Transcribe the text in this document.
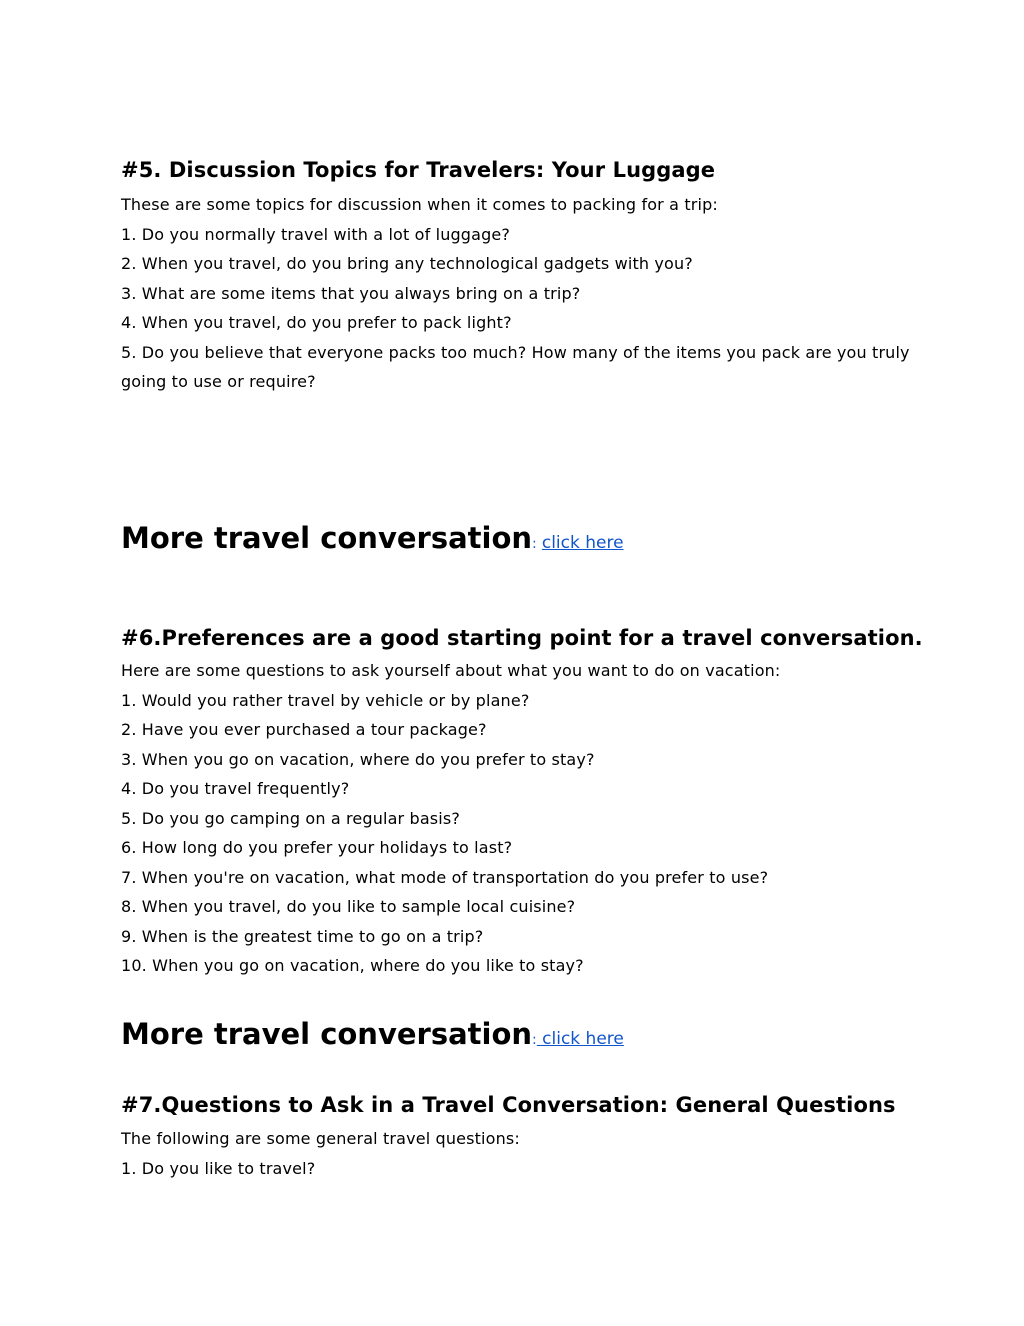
#5. Discussion Topics for Travelers: Your Luggage
These are some topics for discussion when it comes to packing for a trip:
1. Do you normally travel with a lot of luggage?
2. When you travel, do you bring any technological gadgets with you?
3. What are some items that you always bring on a trip?
4. When you travel, do you prefer to pack light?
5. Do you believe that everyone packs too much? How many of the items you pack are you truly going to use or require?
More travel conversation: click here
#6.Preferences are a good starting point for a travel conversation.
Here are some questions to ask yourself about what you want to do on vacation:
1. Would you rather travel by vehicle or by plane?
2. Have you ever purchased a tour package?
3. When you go on vacation, where do you prefer to stay?
4. Do you travel frequently?
5. Do you go camping on a regular basis?
6. How long do you prefer your holidays to last?
7. When you're on vacation, what mode of transportation do you prefer to use?
8. When you travel, do you like to sample local cuisine?
9. When is the greatest time to go on a trip?
10. When you go on vacation, where do you like to stay?
More travel conversation: click here
#7.Questions to Ask in a Travel Conversation: General Questions
The following are some general travel questions:
1. Do you like to travel?
